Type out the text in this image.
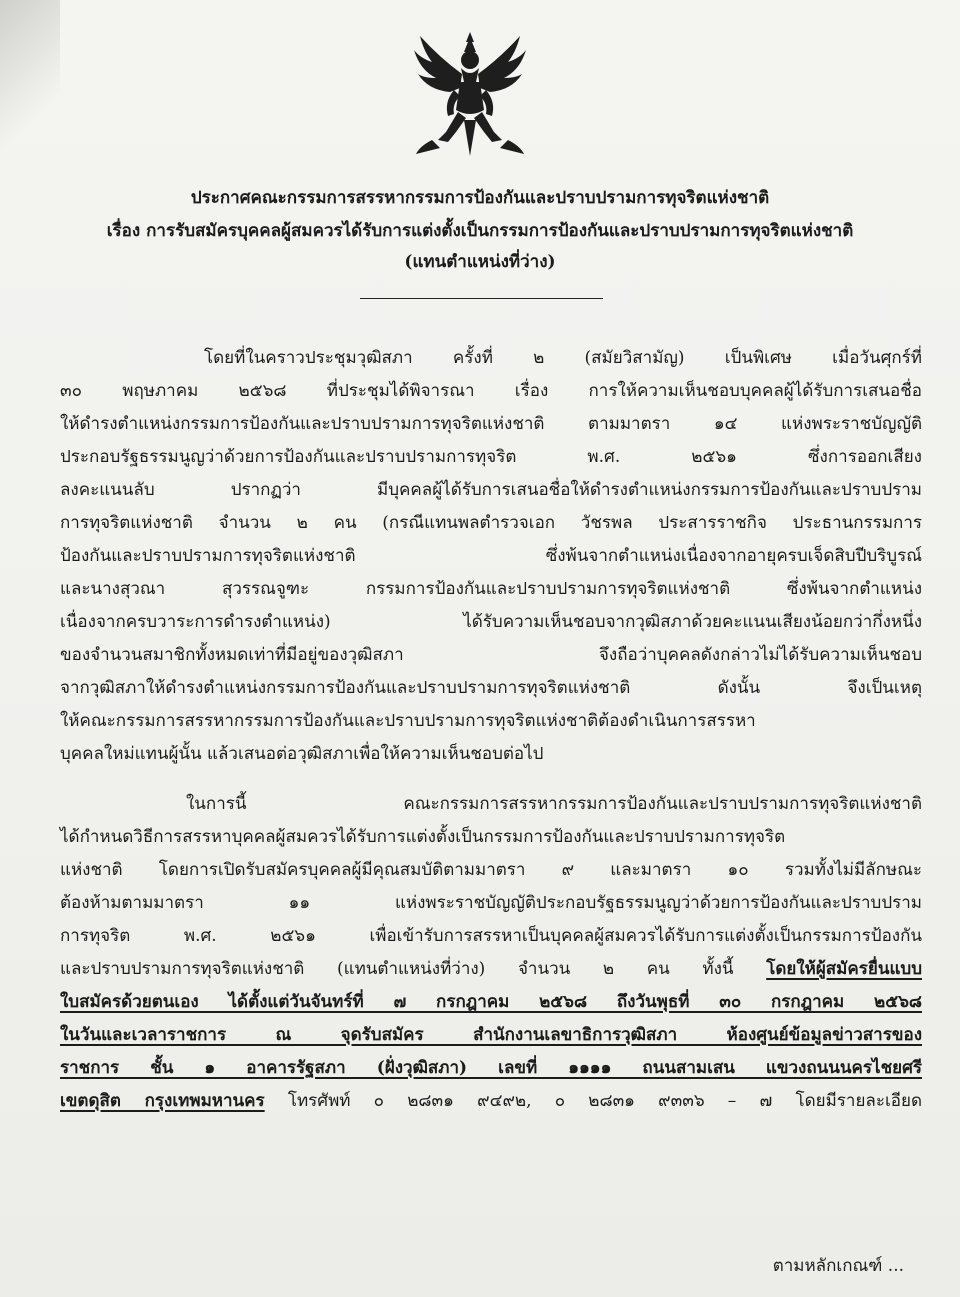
ประกาศคณะกรรมการสรรหากรรมการป้องกันและปราบปรามการทุจริตแห่งชาติ
เรื่อง การรับสมัครบุคคลผู้สมควรได้รับการแต่งตั้งเป็นกรรมการป้องกันและปราบปรามการทุจริตแห่งชาติ
(แทนตำแหน่งที่ว่าง)
โดยที่ในคราวประชุมวุฒิสภา ครั้งที่ ๒ (สมัยวิสามัญ) เป็นพิเศษ เมื่อวันศุกร์ที่
๓๐ พฤษภาคม ๒๕๖๘ ที่ประชุมได้พิจารณา เรื่อง การให้ความเห็นชอบบุคคลผู้ได้รับการเสนอชื่อ
ให้ดำรงตำแหน่งกรรมการป้องกันและปราบปรามการทุจริตแห่งชาติ ตามมาตรา ๑๔ แห่งพระราชบัญญัติ
ประกอบรัฐธรรมนูญว่าด้วยการป้องกันและปราบปรามการทุจริต พ.ศ. ๒๕๖๑ ซึ่งการออกเสียง
ลงคะแนนลับ ปรากฏว่า มีบุคคลผู้ได้รับการเสนอชื่อให้ดำรงตำแหน่งกรรมการป้องกันและปราบปราม
การทุจริตแห่งชาติ จำนวน ๒ คน (กรณีแทนพลตำรวจเอก วัชรพล ประสารราชกิจ ประธานกรรมการ
ป้องกันและปราบปรามการทุจริตแห่งชาติ ซึ่งพ้นจากตำแหน่งเนื่องจากอายุครบเจ็ดสิบปีบริบูรณ์
และนางสุวณา สุวรรณจูฑะ กรรมการป้องกันและปราบปรามการทุจริตแห่งชาติ ซึ่งพ้นจากตำแหน่ง
เนื่องจากครบวาระการดำรงตำแหน่ง) ได้รับความเห็นชอบจากวุฒิสภาด้วยคะแนนเสียงน้อยกว่ากึ่งหนึ่ง
ของจำนวนสมาชิกทั้งหมดเท่าที่มีอยู่ของวุฒิสภา จึงถือว่าบุคคลดังกล่าวไม่ได้รับความเห็นชอบ
จากวุฒิสภาให้ดำรงตำแหน่งกรรมการป้องกันและปราบปรามการทุจริตแห่งชาติ ดังนั้น จึงเป็นเหตุ
ให้คณะกรรมการสรรหากรรมการป้องกันและปราบปรามการทุจริตแห่งชาติต้องดำเนินการสรรหา
บุคคลใหม่แทนผู้นั้น แล้วเสนอต่อวุฒิสภาเพื่อให้ความเห็นชอบต่อไป
ในการนี้ คณะกรรมการสรรหากรรมการป้องกันและปราบปรามการทุจริตแห่งชาติ
ได้กำหนดวิธีการสรรหาบุคคลผู้สมควรได้รับการแต่งตั้งเป็นกรรมการป้องกันและปราบปรามการทุจริต
แห่งชาติ โดยการเปิดรับสมัครบุคคลผู้มีคุณสมบัติตามมาตรา ๙ และมาตรา ๑๐ รวมทั้งไม่มีลักษณะ
ต้องห้ามตามมาตรา ๑๑ แห่งพระราชบัญญัติประกอบรัฐธรรมนูญว่าด้วยการป้องกันและปราบปราม
การทุจริต พ.ศ. ๒๕๖๑ เพื่อเข้ารับการสรรหาเป็นบุคคลผู้สมควรได้รับการแต่งตั้งเป็นกรรมการป้องกัน
และปราบปรามการทุจริตแห่งชาติ (แทนตำแหน่งที่ว่าง) จำนวน ๒ คน ทั้งนี้ โดยให้ผู้สมัครยื่นแบบ
ใบสมัครด้วยตนเอง ได้ตั้งแต่วันจันทร์ที่ ๗ กรกฎาคม ๒๕๖๘ ถึงวันพุธที่ ๓๐ กรกฎาคม ๒๕๖๘
ในวันและเวลาราชการ ณ จุดรับสมัคร สำนักงานเลขาธิการวุฒิสภา ห้องศูนย์ข้อมูลข่าวสารของ
ราชการ ชั้น ๑ อาคารรัฐสภา (ฝั่งวุฒิสภา) เลขที่ ๑๑๑๑ ถนนสามเสน แขวงถนนนครไชยศรี
เขตดุสิต กรุงเทพมหานคร โทรศัพท์ ๐ ๒๘๓๑ ๙๔๙๒, ๐ ๒๘๓๑ ๙๓๓๖ – ๗ โดยมีรายละเอียด
ตามหลักเกณฑ์ ...
